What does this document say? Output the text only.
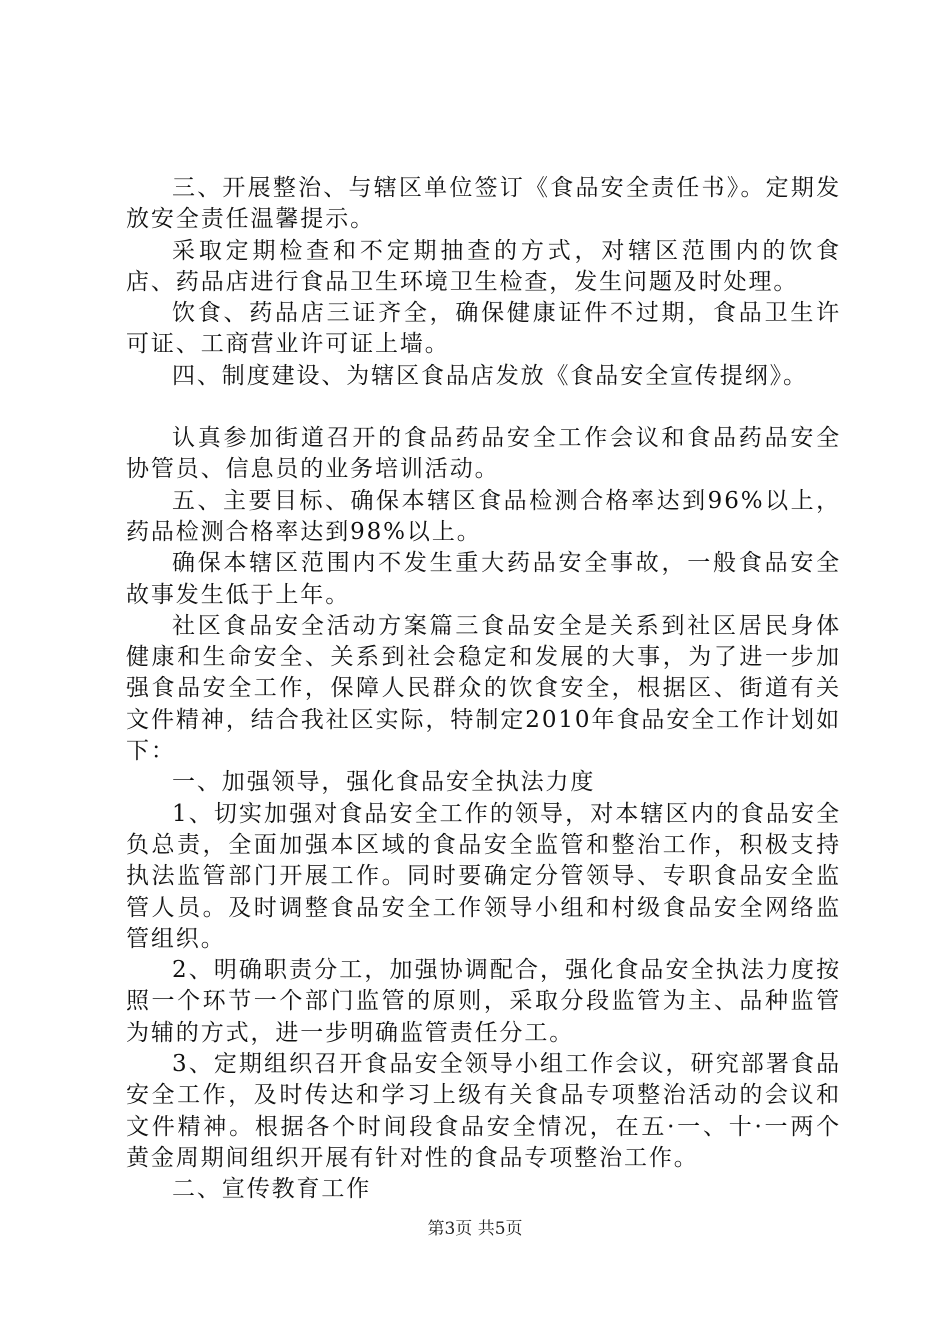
三、开展整治、与辖区单位签订《食品安全责任书》。定期发放安全责任温馨提示。

采取定期检查和不定期抽查的方式，对辖区范围内的饮食店、药品店进行食品卫生环境卫生检查，发生问题及时处理。

饮食、药品店三证齐全，确保健康证件不过期，食品卫生许可证、工商营业许可证上墙。

四、制度建设、为辖区食品店发放《食品安全宣传提纲》。

认真参加街道召开的食品药品安全工作会议和食品药品安全协管员、信息员的业务培训活动。

五、主要目标、确保本辖区食品检测合格率达到96%以上，药品检测合格率达到98%以上。

确保本辖区范围内不发生重大药品安全事故，一般食品安全故事发生低于上年。

社区食品安全活动方案篇三食品安全是关系到社区居民身体健康和生命安全、关系到社会稳定和发展的大事，为了进一步加强食品安全工作，保障人民群众的饮食安全，根据区、街道有关文件精神，结合我社区实际，特制定2010年食品安全工作计划如下：

一、加强领导，强化食品安全执法力度

1、切实加强对食品安全工作的领导，对本辖区内的食品安全负总责，全面加强本区域的食品安全监管和整治工作，积极支持执法监管部门开展工作。同时要确定分管领导、专职食品安全监管人员。及时调整食品安全工作领导小组和村级食品安全网络监管组织。

2、明确职责分工，加强协调配合，强化食品安全执法力度按照一个环节一个部门监管的原则，采取分段监管为主、品种监管为辅的方式，进一步明确监管责任分工。

3、定期组织召开食品安全领导小组工作会议，研究部署食品安全工作，及时传达和学习上级有关食品专项整治活动的会议和文件精神。根据各个时间段食品安全情况，在五·一、十·一两个黄金周期间组织开展有针对性的食品专项整治工作。

二、宣传教育工作

第3页 共5页
